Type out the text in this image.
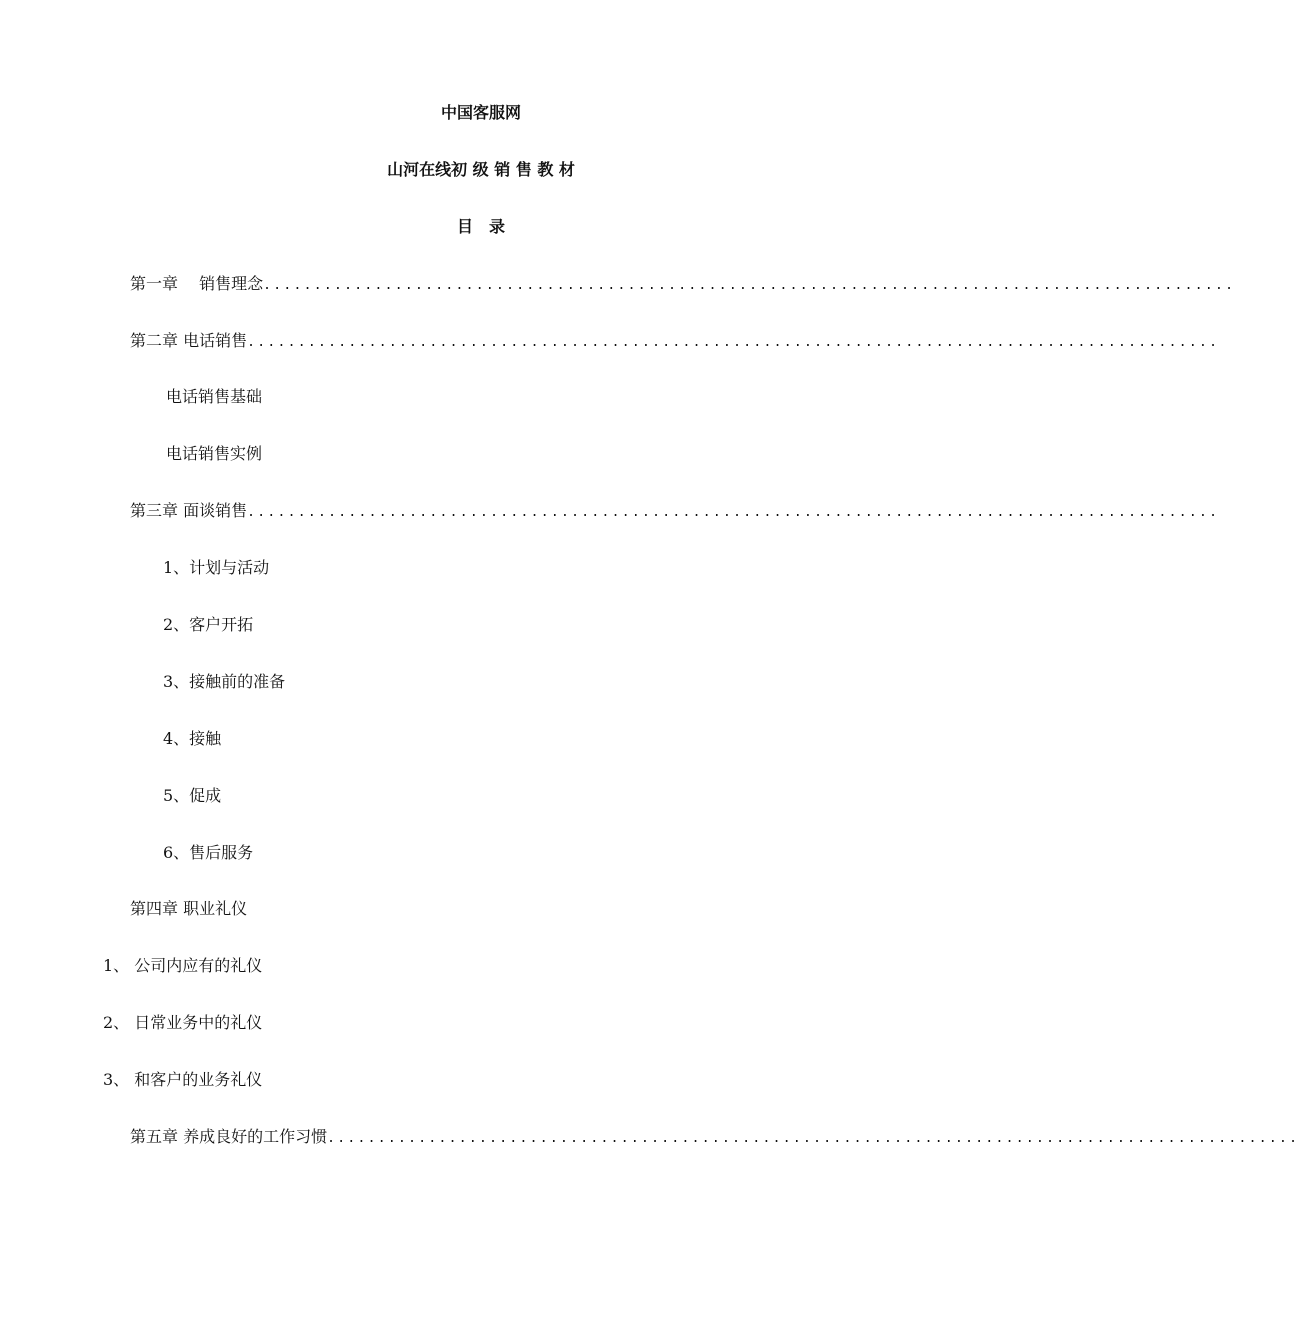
中国客服网
山河在线初 级 销 售 教 材
目　录
第一章　 销售理念 ................................................................................................
第二章 电话销售 ................................................................................................
电话销售基础
电话销售实例
第三章 面谈销售 ................................................................................................
1、计划与活动
2、客户开拓
3、接触前的准备
4、接触
5、促成
6、售后服务
第四章 职业礼仪
1、 公司内应有的礼仪
2、 日常业务中的礼仪
3、 和客户的业务礼仪
第五章 养成良好的工作习惯 ................................................................................................
